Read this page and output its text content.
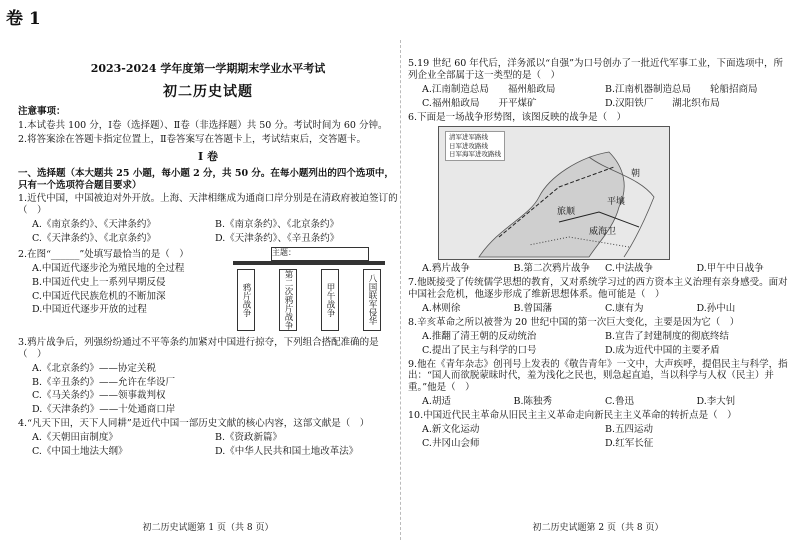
卷 1
2023-2024 学年度第一学期期末学业水平考试
初二历史试题
注意事项：
1.本试卷共 100 分，Ⅰ卷（选择题）、Ⅱ卷（非选择题）共 50 分。考试时间为 60 分钟。
2.将答案涂在答题卡指定位置上，Ⅱ卷答案写在答题卡上，考试结束后，交答题卡。
Ⅰ 卷
一、选择题（本大题共 25 小题，每小题 2 分，共 50 分。在每小题列出的四个选项中，只有一个选项符合题目要求）
1.近代中国，中国被迫对外开放。上海、天津相继成为通商口岸分别是在清政府被迫签订的（　）
A.《南京条约》、《天津条约》	B.《南京条约》、《北京条约》
C.《天津条约》、《北京条约》	D.《天津条约》、《辛丑条约》
2.在图“______”处填写最恰当的是（　）
A.中国近代逐步沦为殖民地的全过程
B.中国近代史上一系列早期反侵
C.中国近代民族危机的不断加深
D.中国近代逐步开放的过程
主题：
鸦片战争	第二次鸦片战争	甲午战争	八国联军侵华
3.鸦片战争后，列强纷纷通过不平等条约加紧对中国进行掠夺，下列组合搭配准确的是（　）
A.《北京条约》——协定关税
B.《辛丑条约》——允许在华设厂
C.《马关条约》——领事裁判权
D.《天津条约》——十处通商口岸
4.“凡天下田，天下人同耕”是近代中国一部历史文献的核心内容，这部文献是（　）
A.《天朝田亩制度》	B.《资政新篇》
C.《中国土地法大纲》	D.《中华人民共和国土地改革法》
初二历史试题第 1 页（共 8 页）
5.19 世纪 60 年代后，洋务派以“自强”为口号创办了一批近代军事工业，下面选项中，所列企业全部属于这一类型的是（　）
A.江南制造总局　　福州船政局	B.江南机器制造总局　　轮船招商局
C.福州船政局　　开平煤矿	D.汉阳铁厂　　湖北织布局
6.下面是一场战争形势图，该图反映的战争是（　）
清军进军路线
日军进攻路线
日军海军进攻路线
朝
威海卫
平壤
旅顺
A.鸦片战争	B.第二次鸦片战争	C.中法战争	D.甲午中日战争
7.他既接受了传统儒学思想的教育，又对系统学习过的西方资本主义治理有亲身感受。面对中国社会危机，他逐步形成了维新思想体系。他可能是（　）
A.林则徐	B.曾国藩	C.康有为	D.孙中山
8.辛亥革命之所以被誉为 20 世纪中国的第一次巨大变化，主要是因为它（　）
A.推翻了清王朝的反动统治	B.宣告了封建制度的彻底终结
C.提出了民主与科学的口号	D.成为近代中国的主要矛盾
9.他在《青年杂志》创刊号上发表的《敬告青年》一文中，大声疾呼，提倡民主与科学，指出：“国人而欲脱蒙昧时代，羞为浅化之民也，则急起直追，当以科学与人权（民主）并重。”他是（　）
A.胡适	B.陈独秀	C.鲁迅	D.李大钊
10.中国近代民主革命从旧民主主义革命走向新民主主义革命的转折点是（　）
A.新文化运动	B.五四运动
C.井冈山会师	D.红军长征
初二历史试题第 2 页（共 8 页）
